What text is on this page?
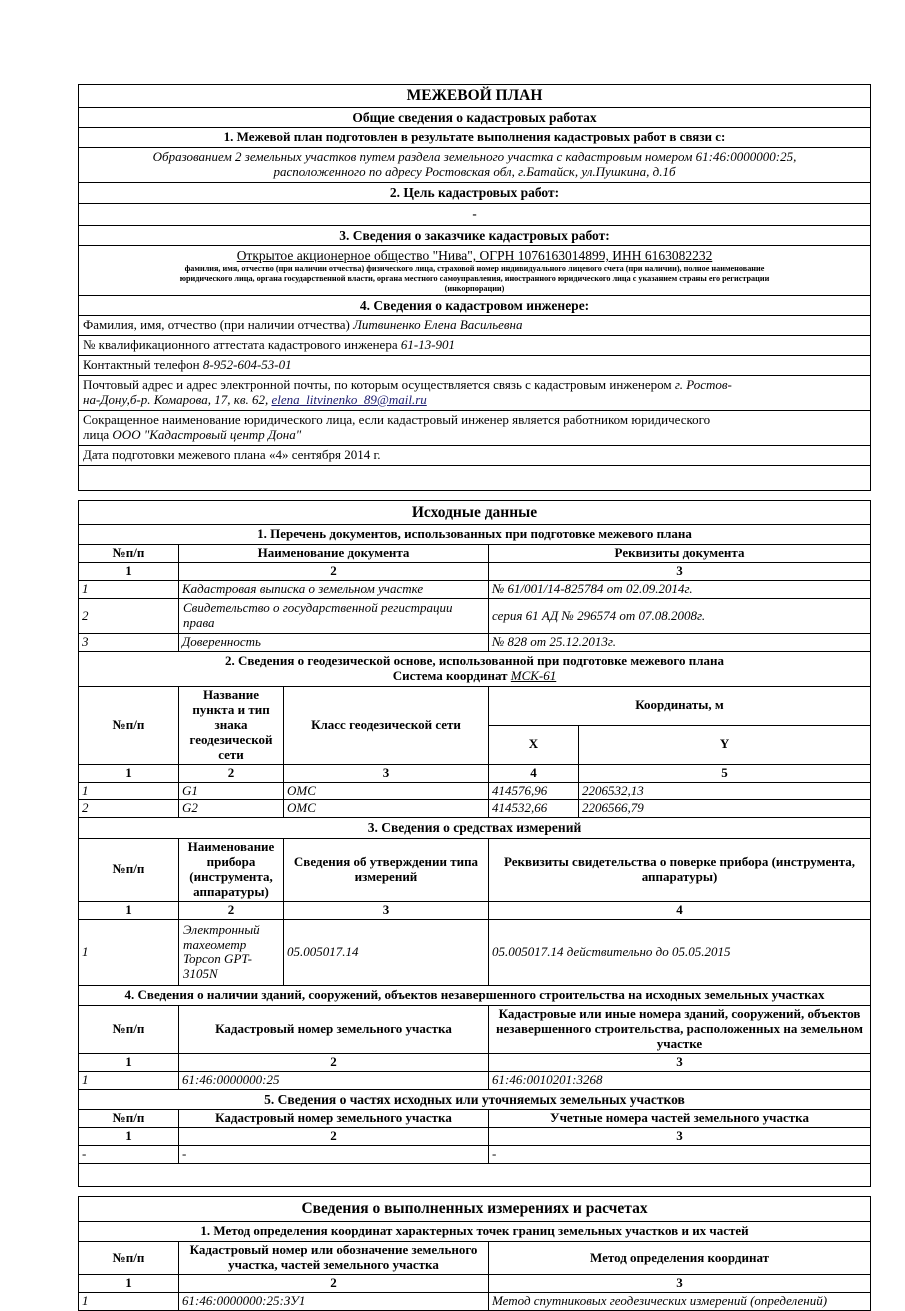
МЕЖЕВОЙ ПЛАН
Общие сведения о кадастровых работах
1. Межевой план подготовлен в результате выполнения кадастровых работ в связи с:

Образованием 2 земельных участков путем раздела земельного участка с кадастровым номером 61:46:0000000:25,
расположенного по адресу Ростовская обл, г.Батайск, ул.Пушкина, д.1б

2. Цель кадастровых работ:
-
3. Сведения о заказчике кадастровых работ:

Открытое акционерное общество "Нива", ОГРН 1076163014899, ИНН 6163082232
фамилия, имя, отчество (при наличии отчества) физического лица, страховой номер индивидуального лицевого счета (при наличии), полное наименование
юридического лица, органа государственной власти, органа местного самоуправления, иностранного юридического лица с указанием страны его регистрации
(инкорпорации)

4. Сведения о кадастровом инженере:
Фамилия, имя, отчество (при наличии отчества) Литвиненко Елена Васильевна
№ квалификационного аттестата кадастрового инженера 61-13-901
Контактный телефон 8-952-604-53-01
Почтовый адрес и адрес электронной почты, по которым осуществляется связь с кадастровым инженером г. Ростов-
на-Дону,б-р. Комарова, 17, кв. 62, elena_litvinenko_89@mail.ru
Сокращенное наименование юридического лица, если кадастровый инженер является работником юридического
лица ООО "Кадастровый центр Дона"
Дата подготовки межевого плана «4» сентября 2014 г.

Исходные данные				
1. Перечень документов, использованных при подготовке межевого плана				
№п/п	Наименование документа		Реквизиты документа	
1	2		3	
1	Кадастровая выписка о земельном участке		№ 61/001/14-825784 от 02.09.2014г.	
2	Свидетельство о государственной регистрации права		серия 61 АД № 296574 от 07.08.2008г.	
3	Доверенность		№ 828 от 25.12.2013г.	

2. Сведения о геодезической основе, использованной при подготовке межевого плана
Система координат МСК-61				

№п/п	Название пункта и тип знака геодезической сети	Класс геодезической сети	Координаты, м	
			X	Y
1	2	3	4	5
1	G1	ОМС	414576,96	2206532,13
2	G2	ОМС	414532,66	2206566,79
3. Сведения о средствах измерений				
№п/п	Наименование прибора (инструмента, аппаратуры)	Сведения об утверждении типа измерений	Реквизиты свидетельства о поверке прибора (инструмента, аппаратуры)	
1	2	3	4	
1	Электронный тахеометр Topcon GPT-3105N	05.005017.14	05.005017.14 действительно до 05.05.2015	
4. Сведения о наличии зданий, сооружений, объектов незавершенного строительства на исходных земельных участках				
№п/п	Кадастровый номер земельного участка		Кадастровые или иные номера зданий, сооружений, объектов незавершенного строительства, расположенных на земельном участке	
1	2		3	
1	61:46:0000000:25		61:46:0010201:3268	
5. Сведения о частях исходных или уточняемых земельных участков				
№п/п	Кадастровый номер земельного участка		Учетные номера частей земельного участка	
1	2		3	
-	-		-	

Сведения о выполненных измерениях и расчетах		
1. Метод определения координат характерных точек границ земельных участков и их частей		
№п/п	Кадастровый номер или обозначение земельного участка, частей земельного участка	Метод определения координат
1	2	3
1	61:46:0000000:25:ЗУ1	Метод спутниковых геодезических измерений (определений)
